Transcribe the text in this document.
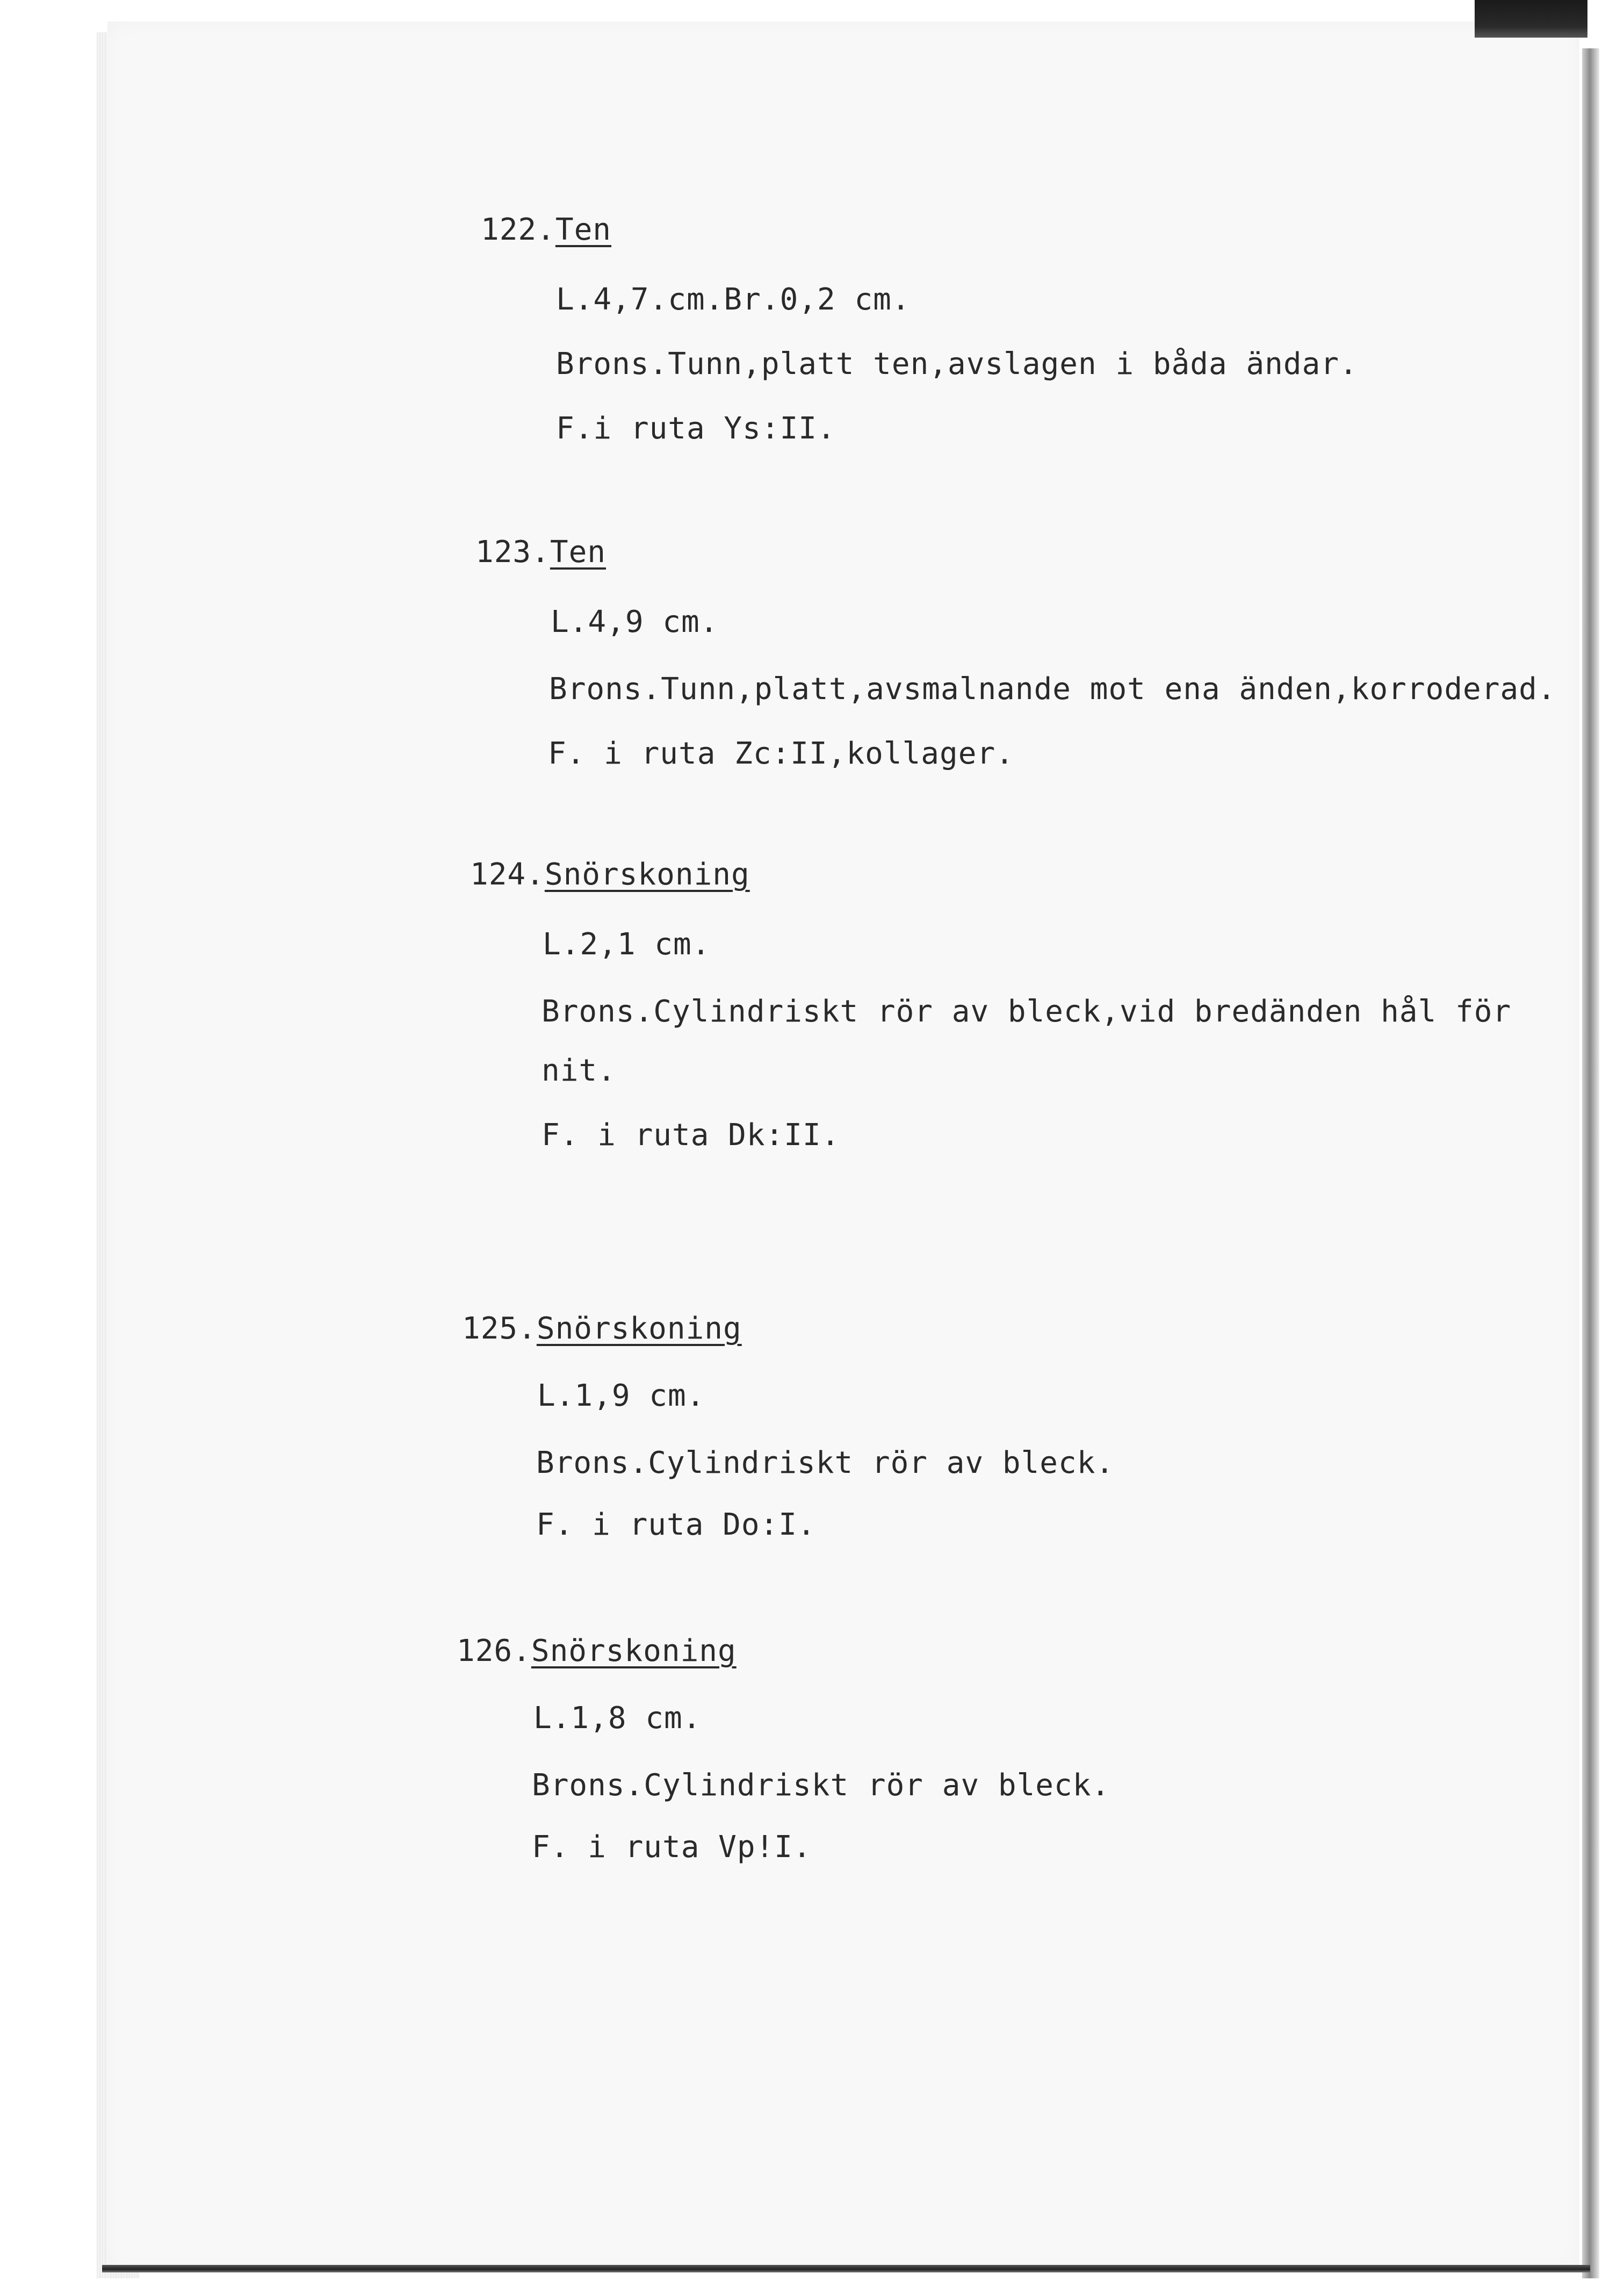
122.Ten
L.4,7.cm.Br.0,2 cm.
Brons.Tunn,platt ten,avslagen i båda ändar.
F.i ruta Ys:II.
123.Ten
L.4,9 cm.
Brons.Tunn,platt,avsmalnande mot ena änden,korroderad.
F. i ruta Zc:II,kollager.
124.Snörskoning
L.2,1 cm.
Brons.Cylindriskt rör av bleck,vid bredänden hål för
nit.
F. i ruta Dk:II.
125.Snörskoning
L.1,9 cm.
Brons.Cylindriskt rör av bleck.
F. i ruta Do:I.
126.Snörskoning
L.1,8 cm.
Brons.Cylindriskt rör av bleck.
F. i ruta Vp!I.
